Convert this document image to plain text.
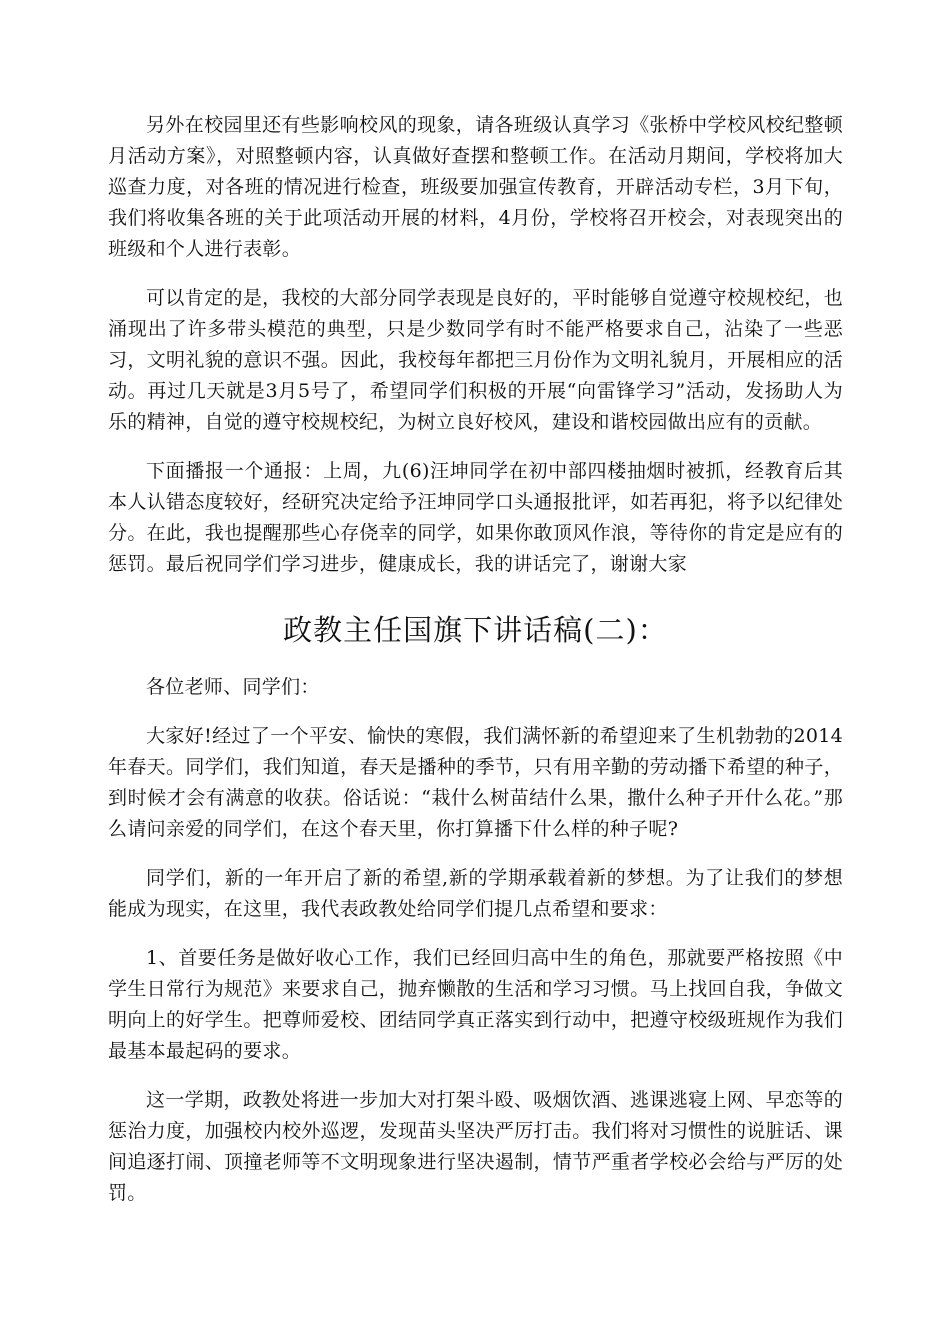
另外在校园里还有些影响校风的现象，请各班级认真学习《张桥中学校风校纪整顿月活动方案》，对照整顿内容，认真做好查摆和整顿工作。在活动月期间，学校将加大巡查力度，对各班的情况进行检查，班级要加强宣传教育，开辟活动专栏，3月下旬，我们将收集各班的关于此项活动开展的材料，4月份，学校将召开校会，对表现突出的班级和个人进行表彰。

可以肯定的是，我校的大部分同学表现是良好的，平时能够自觉遵守校规校纪，也涌现出了许多带头模范的典型，只是少数同学有时不能严格要求自己，沾染了一些恶习，文明礼貌的意识不强。因此，我校每年都把三月份作为文明礼貌月，开展相应的活动。再过几天就是3月5号了，希望同学们积极的开展“向雷锋学习”活动，发扬助人为乐的精神，自觉的遵守校规校纪，为树立良好校风，建设和谐校园做出应有的贡献。

下面播报一个通报：上周，九(6)汪坤同学在初中部四楼抽烟时被抓，经教育后其本人认错态度较好，经研究决定给予汪坤同学口头通报批评，如若再犯，将予以纪律处分。在此，我也提醒那些心存侥幸的同学，如果你敢顶风作浪，等待你的肯定是应有的惩罚。最后祝同学们学习进步，健康成长，我的讲话完了，谢谢大家

政教主任国旗下讲话稿(二)：

各位老师、同学们：

大家好!经过了一个平安、愉快的寒假，我们满怀新的希望迎来了生机勃勃的2014年春天。同学们，我们知道，春天是播种的季节，只有用辛勤的劳动播下希望的种子，到时候才会有满意的收获。俗话说：“栽什么树苗结什么果，撒什么种子开什么花。”那么请问亲爱的同学们，在这个春天里，你打算播下什么样的种子呢?

同学们，新的一年开启了新的希望,新的学期承载着新的梦想。为了让我们的梦想能成为现实，在这里，我代表政教处给同学们提几点希望和要求：

1、首要任务是做好收心工作，我们已经回归高中生的角色，那就要严格按照《中学生日常行为规范》来要求自己，抛弃懒散的生活和学习习惯。马上找回自我，争做文明向上的好学生。把尊师爱校、团结同学真正落实到行动中，把遵守校级班规作为我们最基本最起码的要求。

这一学期，政教处将进一步加大对打架斗殴、吸烟饮酒、逃课逃寝上网、早恋等的惩治力度，加强校内校外巡逻，发现苗头坚决严厉打击。我们将对习惯性的说脏话、课间追逐打闹、顶撞老师等不文明现象进行坚决遏制，情节严重者学校必会给与严厉的处罚。
